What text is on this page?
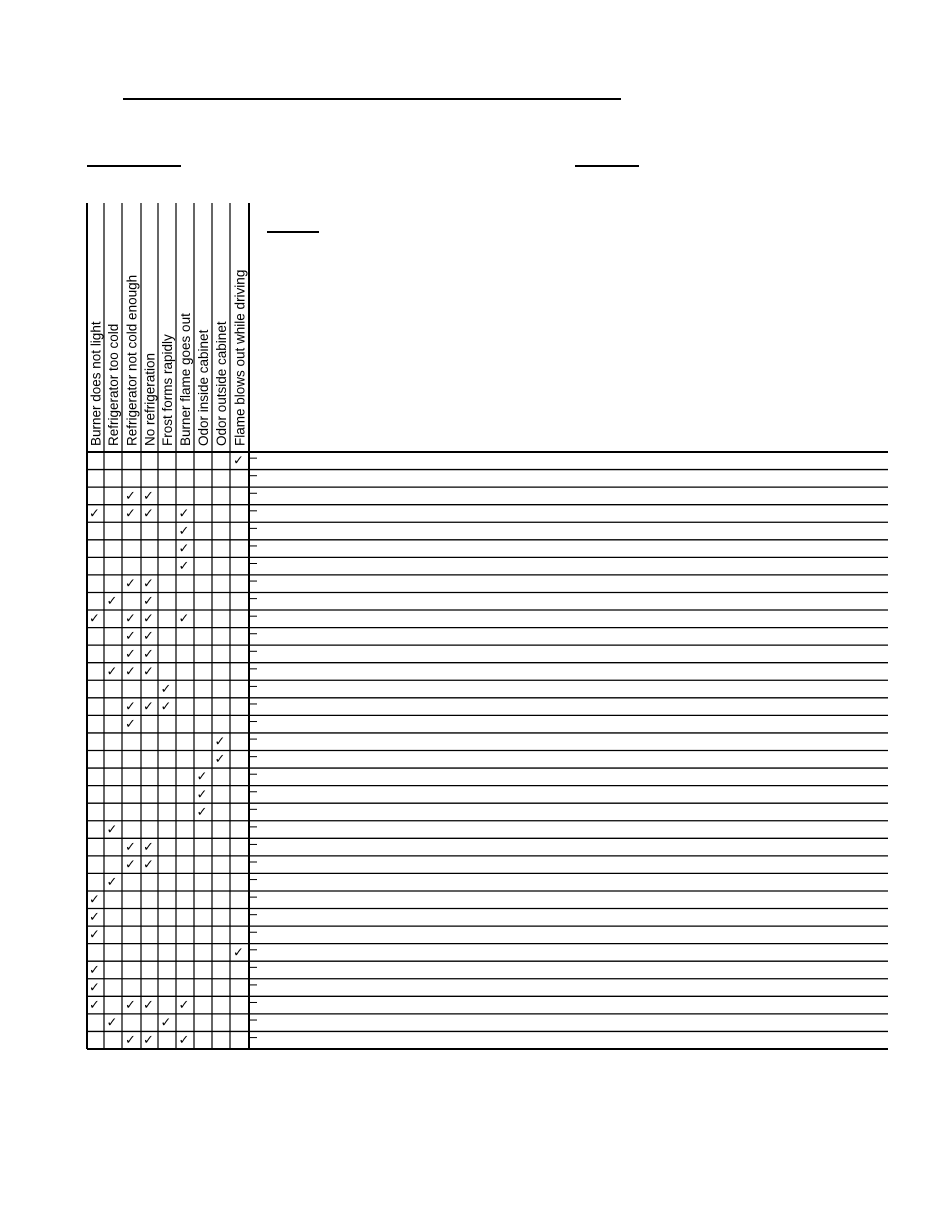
Burner does not light Refrigerator too cold Refrigerator not cold enough No refrigeration Frost forms rapidly Burner flame goes out Odor inside cabinet Odor outside cabinet Flame blows out while driving
✓
✓ ✓
✓ ✓ ✓ ✓
✓
✓
✓
✓ ✓
✓ ✓
✓ ✓ ✓ ✓
✓ ✓
✓ ✓
✓ ✓ ✓
✓
✓ ✓ ✓
✓
✓
✓
✓
✓
✓
✓
✓ ✓
✓ ✓
✓
✓
✓
✓
✓
✓
✓
✓ ✓ ✓ ✓
✓	✓
✓ ✓ ✓
